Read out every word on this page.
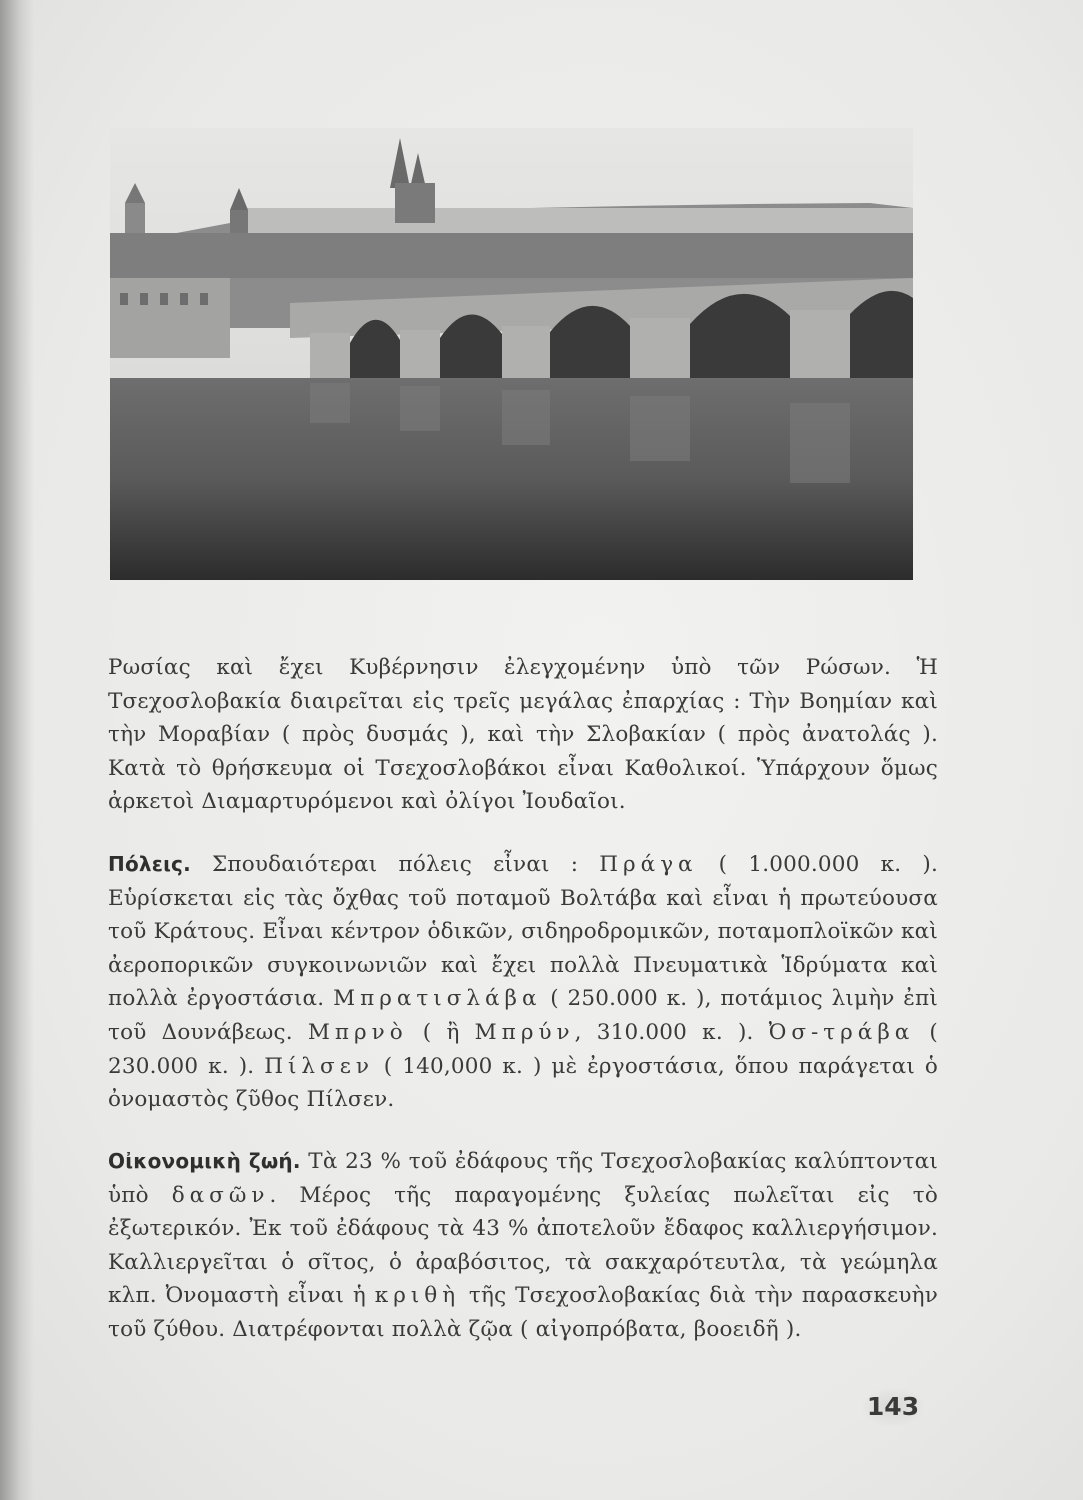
Ρωσίας καὶ ἔχει Κυβέρνησιν ἐλεγχομένην ὑπὸ τῶν Ρώσων. Ἡ Τσεχοσλοβακία διαιρεῖται εἰς τρεῖς μεγάλας ἐπαρχίας : Τὴν Βοημίαν καὶ τὴν Μοραβίαν ( πρὸς δυσμάς ), καὶ τὴν Σλοβακίαν ( πρὸς ἀνατολάς ). Κατὰ τὸ θρήσκευμα οἱ Τσεχοσλοβάκοι εἶναι Καθολικοί. Ὑπάρχουν ὅμως ἀρκετοὶ Διαμαρτυρόμενοι καὶ ὀλίγοι Ἰουδαῖοι.

Πόλεις. Σπουδαιότεραι πόλεις εἶναι : Πράγα ( 1.000.000 κ. ). Εὑρίσκεται εἰς τὰς ὄχθας τοῦ ποταμοῦ Βολτάβα καὶ εἶναι ἡ πρωτεύουσα τοῦ Κράτους. Εἶναι κέντρον ὁδικῶν, σιδηροδρομικῶν, ποταμοπλοϊκῶν καὶ ἀεροπορικῶν συγκοινωνιῶν καὶ ἔχει πολλὰ Πνευματικὰ Ἱδρύματα καὶ πολλὰ ἐργοστάσια. Μπρατισλάβα ( 250.000 κ. ), ποτάμιος λιμὴν ἐπὶ τοῦ Δουνάβεως. Μπρνὸ ( ἢ Μπρύν, 310.000 κ. ). Ὀσ-τράβα ( 230.000 κ. ). Πίλσεν ( 140,000 κ. ) μὲ ἐργοστάσια, ὅπου παράγεται ὁ ὀνομαστὸς ζῦθος Πίλσεν.

Οἰκονομικὴ ζωή. Τὰ 23 % τοῦ ἐδάφους τῆς Τσεχοσλοβακίας καλύπτονται ὑπὸ δασῶν. Μέρος τῆς παραγομένης ξυλείας πωλεῖται εἰς τὸ ἐξωτερικόν. Ἐκ τοῦ ἐδάφους τὰ 43 % ἀποτελοῦν ἔδαφος καλλιεργήσιμον. Καλλιεργεῖται ὁ σῖτος, ὁ ἀραβόσιτος, τὰ σακχαρότευτλα, τὰ γεώμηλα κλπ. Ὀνομαστὴ εἶναι ἡ κριθὴ τῆς Τσεχοσλοβακίας διὰ τὴν παρασκευὴν τοῦ ζύθου. Διατρέφονται πολλὰ ζῷα ( αἰγοπρόβατα, βοοειδῆ ).

143
